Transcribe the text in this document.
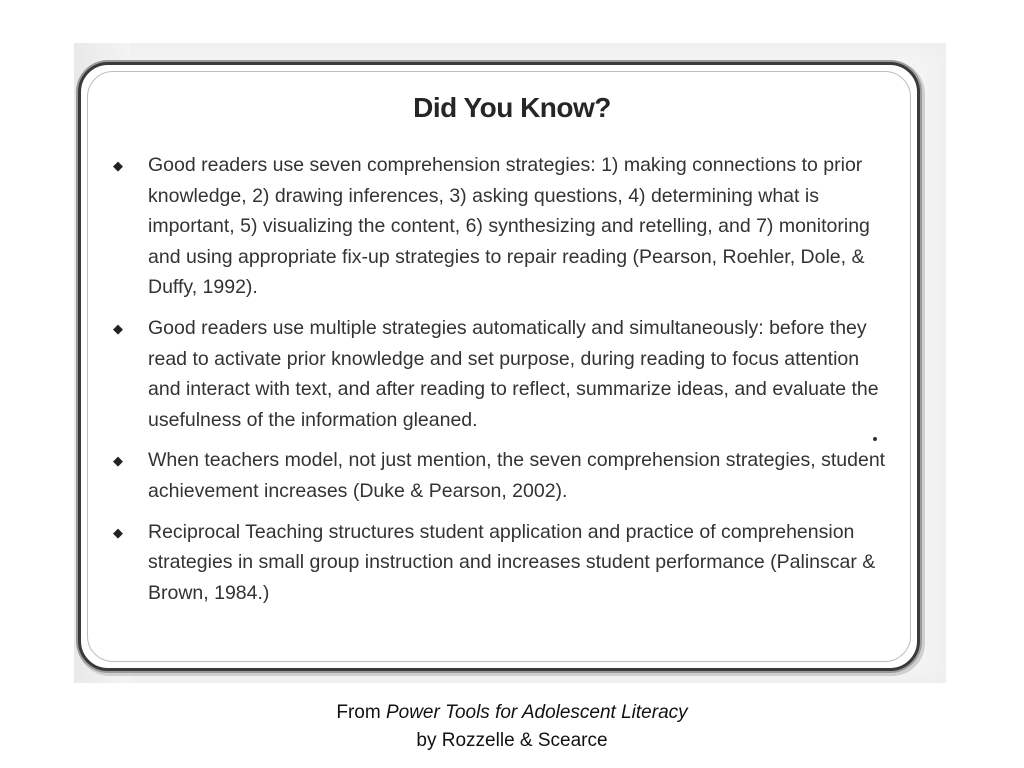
Did You Know?
◆ Good readers use seven comprehension strategies: 1) making connections to prior knowledge, 2) drawing inferences, 3) asking questions, 4) determining what is important, 5) visualizing the content, 6) synthesizing and retelling, and 7) monitoring and using appropriate fix-up strategies to repair reading (Pearson, Roehler, Dole, & Duffy, 1992).
◆ Good readers use multiple strategies automatically and simultaneously: before they read to activate prior knowledge and set purpose, during reading to focus attention and interact with text, and after reading to reflect, summarize ideas, and evaluate the usefulness of the information gleaned.
◆ When teachers model, not just mention, the seven comprehension strategies, student achievement increases (Duke & Pearson, 2002).
◆ Reciprocal Teaching structures student application and practice of comprehension strategies in small group instruction and increases student performance (Palinscar & Brown, 1984.)
From Power Tools for Adolescent Literacy
by Rozzelle & Scearce
